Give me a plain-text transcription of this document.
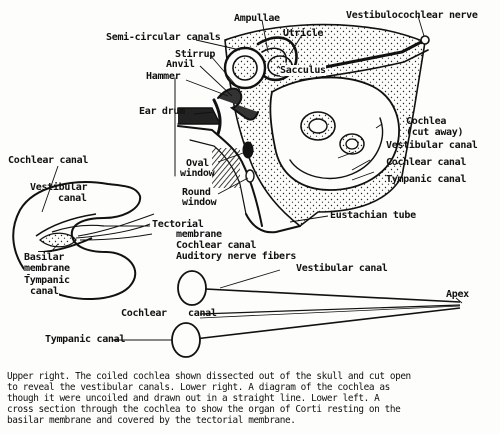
Semi-circular canals
Ampullae
Utricle
Vestibulocochlear nerve
Stirrup
Anvil
Sacculus
Hammer
Ear drum
Cochlea
(cut away)
Vestibular canal
Cochlear canal
Tympanic canal
Oval
window
Round
window
Eustachian tube
Cochlear canal
Vestibular
canal
Tectorial
membrane
Cochlear canal
Auditory nerve fibers
Basilar
membrane
Tympanic
canal
Vestibular canal
Apex
Cochlear canal
Tympanic canal
Upper right. The coiled cochlea shown dissected out of the skull and cut open
to reveal the vestibular canals. Lower right. A diagram of the cochlea as
though it were uncoiled and drawn out in a straight line. Lower left. A
cross section through the cochlea to show the organ of Corti resting on the
basilar membrane and covered by the tectorial membrane.
